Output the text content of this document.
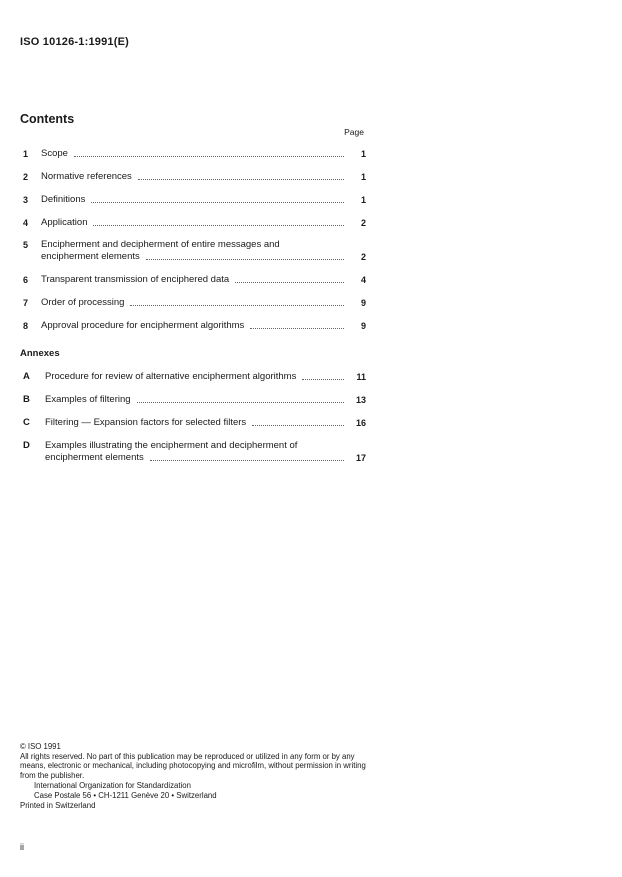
ISO 10126-1:1991(E)
Contents
Page
1 Scope	1
2 Normative references	1
3 Definitions	1
4 Application	2
5 Encipherment and decipherment of entire messages and
encipherment elements	2
6 Transparent transmission of enciphered data	4
7 Order of processing	9
8 Approval procedure for encipherment algorithms	9
Annexes
A Procedure for review of alternative encipherment algorithms	11
B Examples of filtering	13
C Filtering — Expansion factors for selected filters	16
D Examples illustrating the encipherment and decipherment of
encipherment elements	17
© ISO 1991
All rights reserved. No part of this publication may be reproduced or utilized in any form or by any means, electronic or mechanical, including photocopying and microfilm, without permission in writing from the publisher.
International Organization for Standardization
Case Postale 56 • CH-1211 Genève 20 • Switzerland
Printed in Switzerland
ii
